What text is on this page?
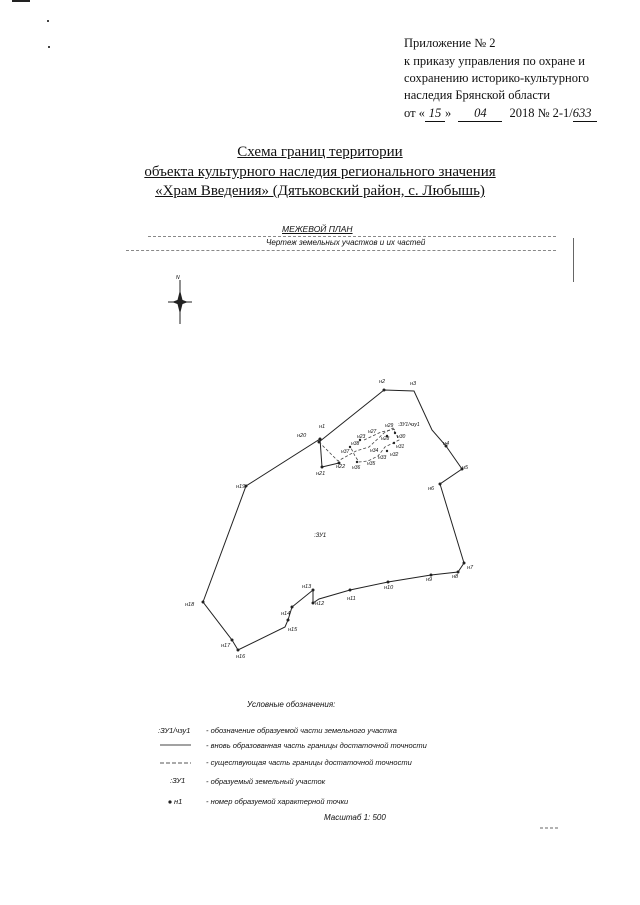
Приложение № 2
к приказу управления по охране и
сохранению историко-культурного
наследия Брянской области
от « 15 » 04 2018 № 2-1/633
Схема границ территории
объекта культурного наследия регионального значения
«Храм Введения» (Дятьковский район, с. Любышь)
МЕЖЕВОЙ ПЛАН
Чертеж земельных участков и их частей
N
н1
н2	н3
н4
н5
н6
н7
н8
н9
н10
н11
н12
н13
н14
н15
н16
н17
н18
н19
н20
н21
н22
н23
н27
н28
н29
н30
н31
н32
н33
н34
н35
н36
н37
н38
:ЗУ1/чзу1
:ЗУ1
Условные обозначения:
:ЗУ1/чзу1 - обозначение образуемой части земельного участка
- вновь образованная часть границы достаточной точности
- существующая часть границы достаточной точности
:ЗУ1	- образуемый земельный участок
н1	- номер образуемой характерной точки
Масштаб 1: 500
